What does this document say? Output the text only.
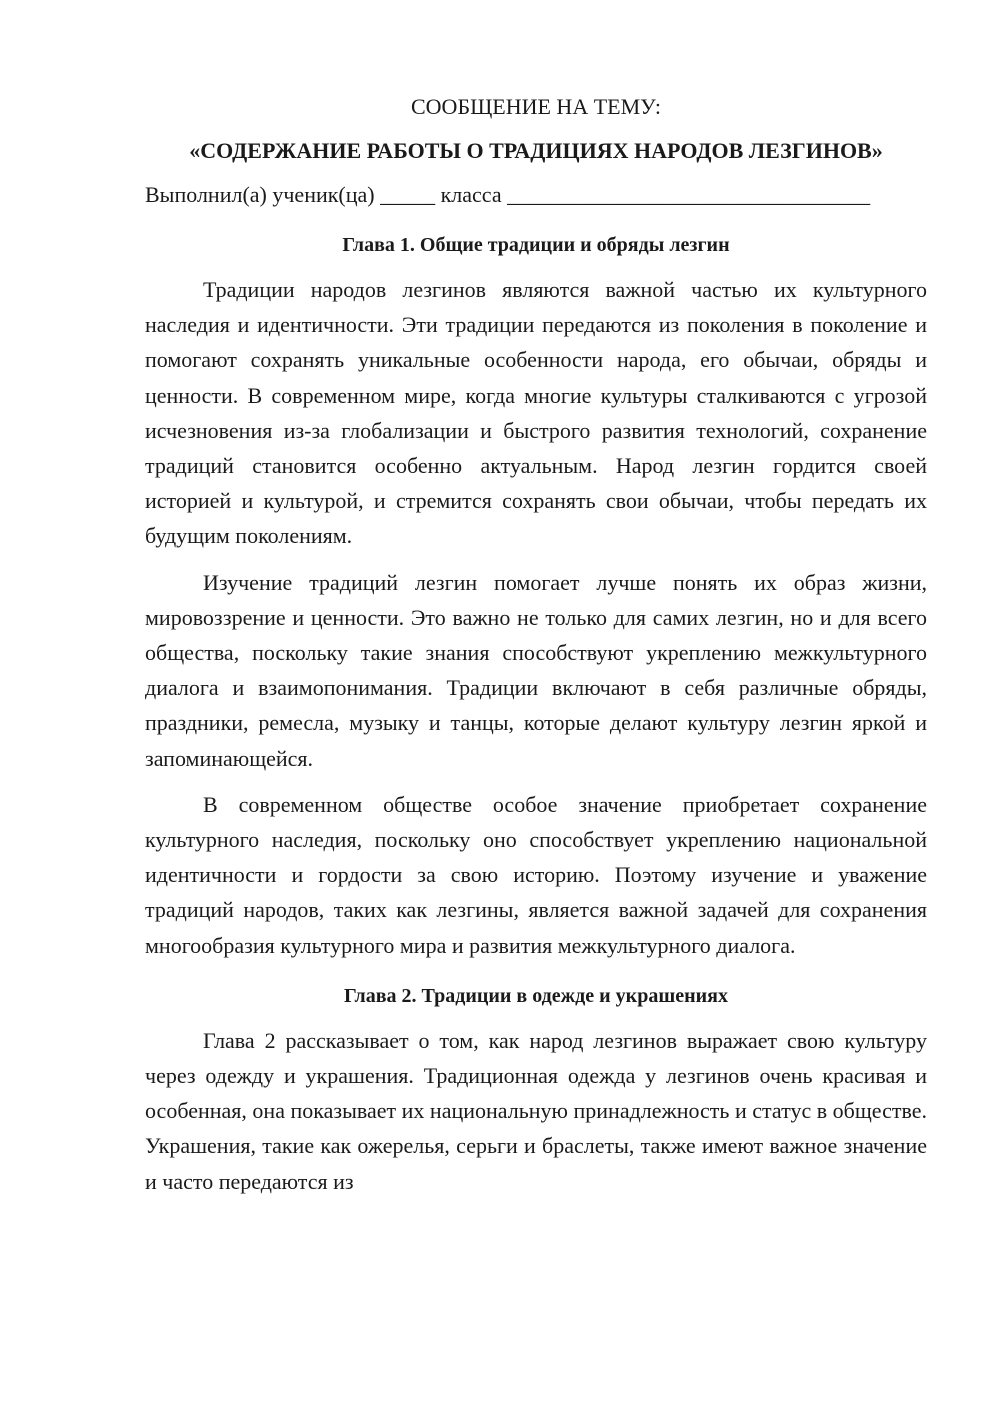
СООБЩЕНИЕ НА ТЕМУ:

«СОДЕРЖАНИЕ РАБОТЫ О ТРАДИЦИЯХ НАРОДОВ ЛЕЗГИНОВ»

Выполнил(а) ученик(ца) _____ класса _________________________________

Глава 1. Общие традиции и обряды лезгин

Традиции народов лезгинов являются важной частью их культурного наследия и идентичности. Эти традиции передаются из поколения в поколение и помогают сохранять уникальные особенности народа, его обычаи, обряды и ценности. В современном мире, когда многие культуры сталкиваются с угрозой исчезновения из-за глобализации и быстрого развития технологий, сохранение традиций становится особенно актуальным. Народ лезгин гордится своей историей и культурой, и стремится сохранять свои обычаи, чтобы передать их будущим поколениям.

Изучение традиций лезгин помогает лучше понять их образ жизни, мировоззрение и ценности. Это важно не только для самих лезгин, но и для всего общества, поскольку такие знания способствуют укреплению межкультурного диалога и взаимопонимания. Традиции включают в себя различные обряды, праздники, ремесла, музыку и танцы, которые делают культуру лезгин яркой и запоминающейся.

В современном обществе особое значение приобретает сохранение культурного наследия, поскольку оно способствует укреплению национальной идентичности и гордости за свою историю. Поэтому изучение и уважение традиций народов, таких как лезгины, является важной задачей для сохранения многообразия культурного мира и развития межкультурного диалога.

Глава 2. Традиции в одежде и украшениях

Глава 2 рассказывает о том, как народ лезгинов выражает свою культуру через одежду и украшения. Традиционная одежда у лезгинов очень красивая и особенная, она показывает их национальную принадлежность и статус в обществе. Украшения, такие как ожерелья, серьги и браслеты, также имеют важное значение и часто передаются из
